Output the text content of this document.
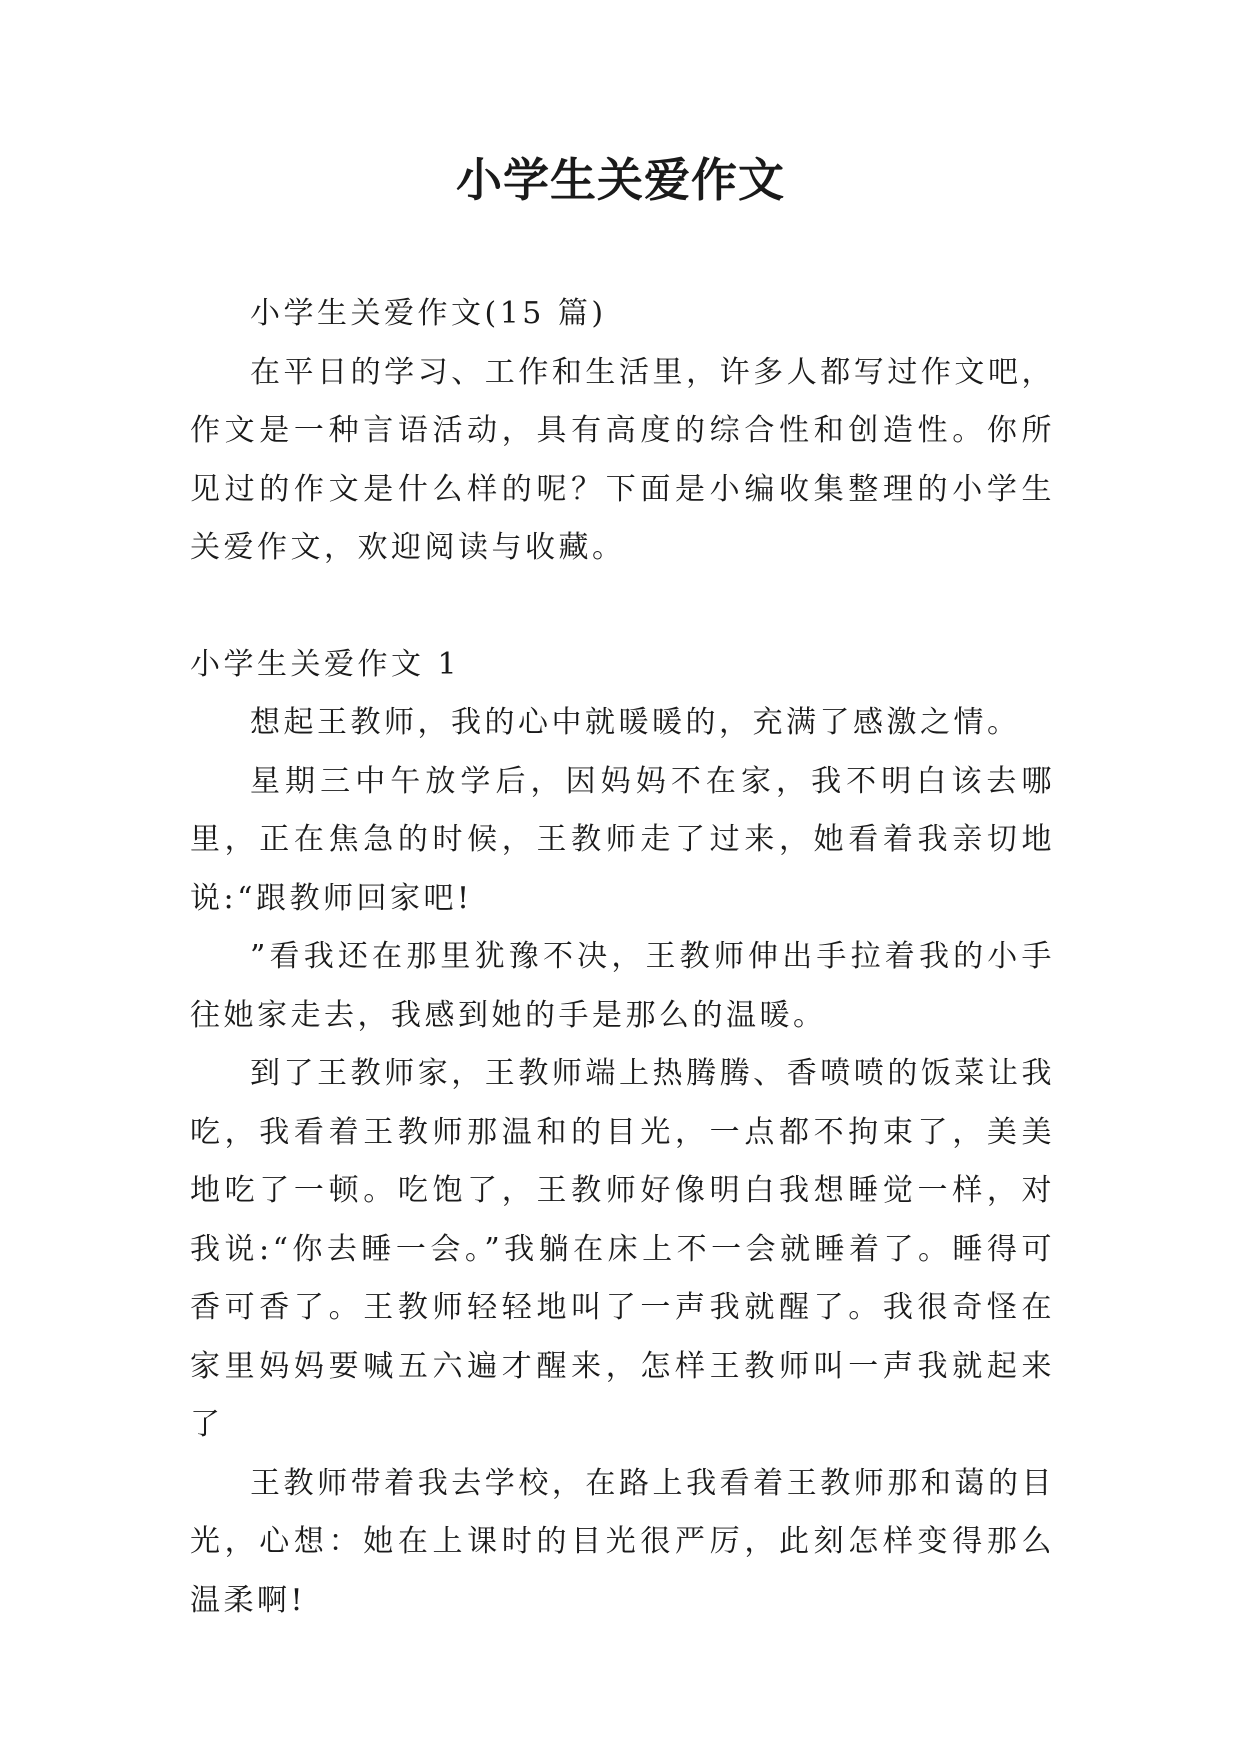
小学生关爱作文

小学生关爱作文(15 篇)

在平日的学习、工作和生活里，许多人都写过作文吧，作文是一种言语活动，具有高度的综合性和创造性。你所见过的作文是什么样的呢？下面是小编收集整理的小学生关爱作文，欢迎阅读与收藏。

小学生关爱作文 1

想起王教师，我的心中就暖暖的，充满了感激之情。

星期三中午放学后，因妈妈不在家，我不明白该去哪里，正在焦急的时候，王教师走了过来，她看着我亲切地说:“跟教师回家吧!

”看我还在那里犹豫不决，王教师伸出手拉着我的小手往她家走去，我感到她的手是那么的温暖。

到了王教师家，王教师端上热腾腾、香喷喷的饭菜让我吃，我看着王教师那温和的目光，一点都不拘束了，美美地吃了一顿。吃饱了，王教师好像明白我想睡觉一样，对我说:“你去睡一会。”我躺在床上不一会就睡着了。睡得可香可香了。王教师轻轻地叫了一声我就醒了。我很奇怪在家里妈妈要喊五六遍才醒来，怎样王教师叫一声我就起来了

王教师带着我去学校，在路上我看着王教师那和蔼的目光，心想：她在上课时的目光很严厉，此刻怎样变得那么温柔啊!
